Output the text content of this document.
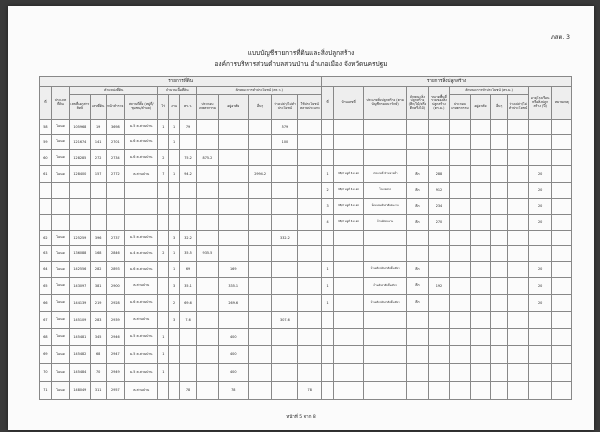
ภสต. 3
แบบบัญชีรายการที่ดินและสิ่งปลูกสร้าง
องค์การบริหารส่วนตำบลสวนป่าน อำเภอเมือง จังหวัดนครปฐม
รายการที่ดิน														รายการสิ่งปลูกสร้าง										
ที่	ประเภทที่ดิน	ตำแหน่งที่ดิน				จำนวนเนื้อที่ดิน			ลักษณะการทำประโยชน์ (ตร.ว.)					ที่	บ้านเลขที่	ประเภทสิ่งปลูกสร้าง (ตามบัญชีกรมธนารักษ์)	ลักษณะสิ่งปลูกสร้าง (ตึก/ไม้/ครึ่งตึกครึ่งไม้)	ขนาดพื้นที่รวมของสิ่งปลูกสร้าง (ตร.ม.)	ลักษณะการทำประโยชน์ (ตร.ม.)				อายุโรงเรือนหรือสิ่งปลูกสร้าง (ปี)	หมายเหตุ
		เลขที่เอกสารสิทธิ์	เลขที่ดิน	หน้าสำรวจ	สถานที่ตั้ง (หมู่ที่/ชุมชน/ตำบล)	ไร่	งาน	ตร.ว.	ประกอบเกษตรกรรม	อยู่อาศัย	อื่นๆ	ว่างเปล่า/ไม่ทำประโยชน์	ใช้ประโยชน์หลายประเภท						ประกอบเกษตรกรรม	อยู่อาศัย	อื่นๆ	ว่างเปล่า/ไม่ทำประโยชน์		
58	โฉนด	105968	19	3698	ม.5 ต.สวนป่าน	1	1	79				579												
59	โฉนด	121674	141	2701	ม.6 ต.สวนป่าน		1					100												
60	โฉนด	128285	272	2734	ม.6 ต.สวนป่าน	2		75.2	875.2															
61	โฉนด	128400	157	2772	ต.สวนป่าน	7	1	94.2			2994.2			1	98/2 หมู่ที่ 6 ต.สป	ประเภทค้าจำหน่ายค้า	ตึก	288					20	
														2	98/2 หมู่ที่ 6 ต.สป	โรงจอดรถ	ตึก	912					20	
														3	98/2 หมู่ที่ 6 ต.สป	ห้องนอนพักอาศัยคนงาน	ตึก	234					20	
														4	98/2 หมู่ที่ 6 ต.สป	บ้านพักคนงาน	ตึก	270					20	
62	โฉนด	125259	396	2737	ม.5 ต.สวนป่าน		3	32.2				332.2												
63	โฉนด	136088	168	2846	ม.4 ต.สวนป่าน	2	1	35.5	935.5															
64	โฉนด	142556	282	2893	ม.6 ต.สวนป่าน		1	69		169				1		บ้านเดี่ยวพักอาศัยชั้นเดียว	ตึก						20	
65	โฉนด	143097	381	2900	ต.สวนป่าน		3	35.1		335.1				1		บ้านพักอาศัยชั้นเดียว	ตึก	192					20	
66	โฉนด	144139	219	2928	ม.6 ต.สวนป่าน		2	69.6		269.6				1		บ้านเดี่ยวพักอาศัยชั้นเดียว	ตึก						20	
67	โฉนด	145109	283	2939	ต.สวนป่าน		3	7.6				307.6												
68	โฉนด	145481	345	2946	ม.5 ต.สวนป่าน	1				400														
69	โฉนด	145482	68	2947	ม.5 ต.สวนป่าน	1				400														
70	โฉนด	145484	70	2949	ม.5 ต.สวนป่าน	1				400														
71	โฉนด	148049	311	2957	ต.สวนป่าน			78		78			78											
หน้าที่ 5 จาก 8
